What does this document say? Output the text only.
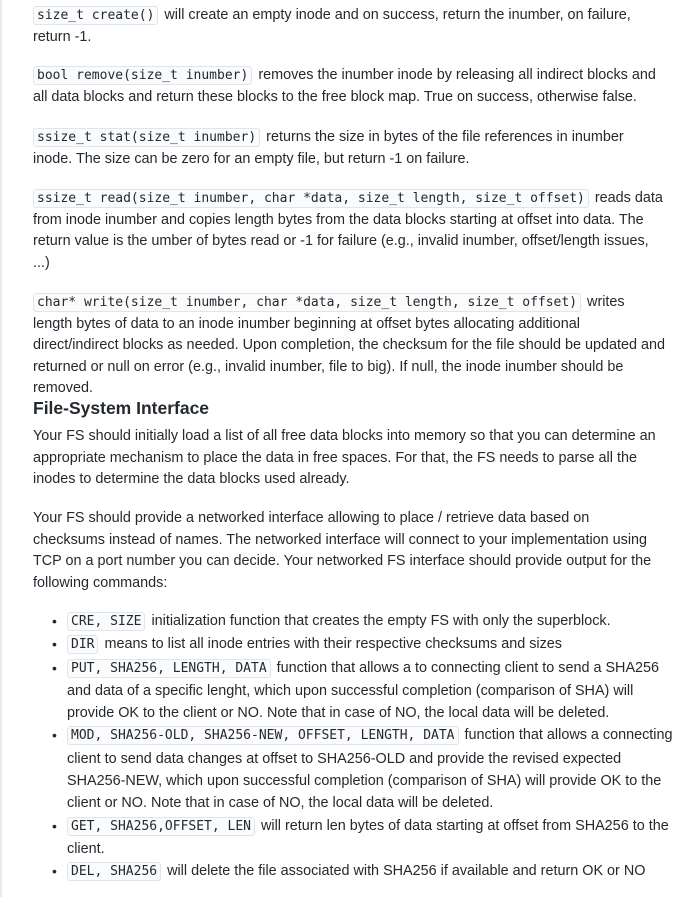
size_t create() will create an empty inode and on success, return the inumber, on failure, return -1.
bool remove(size_t inumber) removes the inumber inode by releasing all indirect blocks and all data blocks and return these blocks to the free block map. True on success, otherwise false.
ssize_t stat(size_t inumber) returns the size in bytes of the file references in inumber inode. The size can be zero for an empty file, but return -1 on failure.
ssize_t read(size_t inumber, char *data, size_t length, size_t offset) reads data from inode inumber and copies length bytes from the data blocks starting at offset into data. The return value is the umber of bytes read or -1 for failure (e.g., invalid inumber, offset/length issues, ...)
char* write(size_t inumber, char *data, size_t length, size_t offset) writes length bytes of data to an inode inumber beginning at offset bytes allocating additional direct/indirect blocks as needed. Upon completion, the checksum for the file should be updated and returned or null on error (e.g., invalid inumber, file to big). If null, the inode inumber should be removed.
File-System Interface
Your FS should initially load a list of all free data blocks into memory so that you can determine an appropriate mechanism to place the data in free spaces. For that, the FS needs to parse all the inodes to determine the data blocks used already.
Your FS should provide a networked interface allowing to place / retrieve data based on checksums instead of names. The networked interface will connect to your implementation using TCP on a port number you can decide. Your networked FS interface should provide output for the following commands:
• CRE, SIZE initialization function that creates the empty FS with only the superblock.
• DIR means to list all inode entries with their respective checksums and sizes
• PUT, SHA256, LENGTH, DATA function that allows a to connecting client to send a SHA256 and data of a specific lenght, which upon successful completion (comparison of SHA) will provide OK to the client or NO. Note that in case of NO, the local data will be deleted.
• MOD, SHA256-OLD, SHA256-NEW, OFFSET, LENGTH, DATA function that allows a connecting client to send data changes at offset to SHA256-OLD and provide the revised expected SHA256-NEW, which upon successful completion (comparison of SHA) will provide OK to the client or NO. Note that in case of NO, the local data will be deleted.
• GET, SHA256,OFFSET, LEN will return len bytes of data starting at offset from SHA256 to the client.
• DEL, SHA256 will delete the file associated with SHA256 if available and return OK or NO
